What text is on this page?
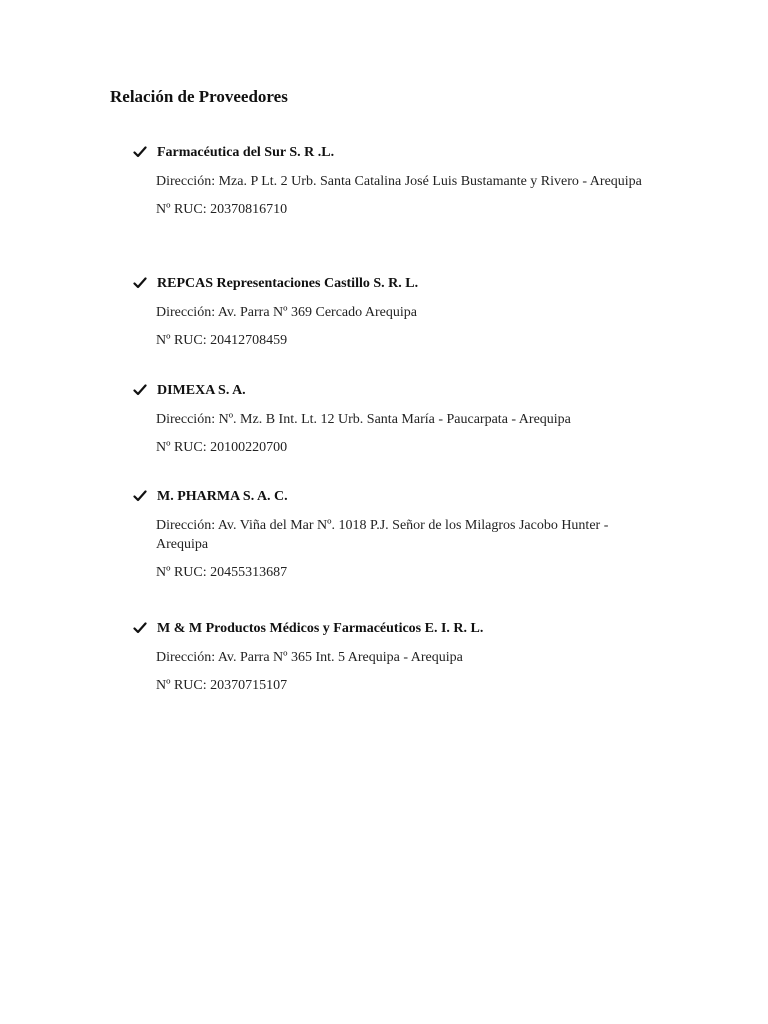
Relación de Proveedores
Farmacéutica del Sur S. R .L.
Dirección: Mza. P Lt. 2 Urb. Santa Catalina José Luis Bustamante y Rivero - Arequipa
Nº RUC: 20370816710
REPCAS Representaciones Castillo S. R. L.
Dirección: Av. Parra Nº 369 Cercado Arequipa
Nº RUC: 20412708459
DIMEXA S. A.
Dirección: Nº. Mz. B Int. Lt. 12 Urb. Santa María - Paucarpata - Arequipa
Nº RUC: 20100220700
M. PHARMA S. A. C.
Dirección: Av. Viña del Mar Nº. 1018 P.J. Señor de los Milagros Jacobo Hunter - Arequipa
Nº RUC: 20455313687
M & M Productos Médicos y Farmacéuticos E. I. R. L.
Dirección: Av. Parra Nº 365 Int. 5 Arequipa - Arequipa
Nº RUC: 20370715107
